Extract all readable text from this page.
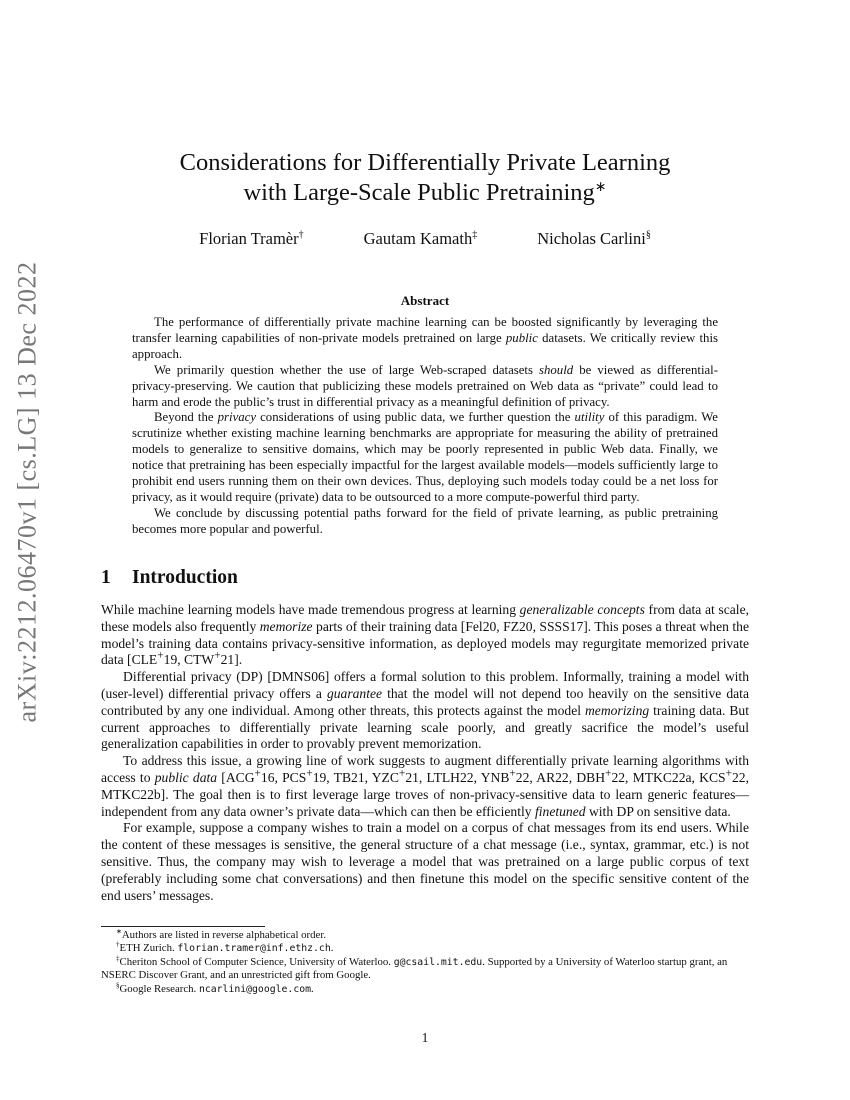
arXiv:2212.06470v1 [cs.LG] 13 Dec 2022
Considerations for Differentially Private Learning
with Large-Scale Public Pretraining∗
Florian Tramèr†	Gautam Kamath‡	Nicholas Carlini§
Abstract

The performance of differentially private machine learning can be boosted significantly by leveraging the transfer learning capabilities of non-private models pretrained on large public datasets. We critically review this approach.

We primarily question whether the use of large Web-scraped datasets should be viewed as differential-privacy-preserving. We caution that publicizing these models pretrained on Web data as “private” could lead to harm and erode the public’s trust in differential privacy as a meaningful definition of privacy.

Beyond the privacy considerations of using public data, we further question the utility of this paradigm. We scrutinize whether existing machine learning benchmarks are appropriate for measuring the ability of pretrained models to generalize to sensitive domains, which may be poorly represented in public Web data. Finally, we notice that pretraining has been especially impactful for the largest available models—models sufficiently large to prohibit end users running them on their own devices. Thus, deploying such models today could be a net loss for privacy, as it would require (private) data to be outsourced to a more compute-powerful third party.

We conclude by discussing potential paths forward for the field of private learning, as public pretraining becomes more popular and powerful.

1 Introduction

While machine learning models have made tremendous progress at learning generalizable concepts from data at scale, these models also frequently memorize parts of their training data [Fel20, FZ20, SSSS17]. This poses a threat when the model’s training data contains privacy-sensitive information, as deployed models may regurgitate memorized private data [CLE+19, CTW+21].

Differential privacy (DP) [DMNS06] offers a formal solution to this problem. Informally, training a model with (user-level) differential privacy offers a guarantee that the model will not depend too heavily on the sensitive data contributed by any one individual. Among other threats, this protects against the model memorizing training data. But current approaches to differentially private learning scale poorly, and greatly sacrifice the model’s useful generalization capabilities in order to provably prevent memorization.

To address this issue, a growing line of work suggests to augment differentially private learning algorithms with access to public data [ACG+16, PCS+19, TB21, YZC+21, LTLH22, YNB+22, AR22, DBH+22, MTKC22a, KCS+22, MTKC22b]. The goal then is to first leverage large troves of non-privacy-sensitive data to learn generic features—independent from any data owner’s private data—which can then be efficiently finetuned with DP on sensitive data.

For example, suppose a company wishes to train a model on a corpus of chat messages from its end users. While the content of these messages is sensitive, the general structure of a chat message (i.e., syntax, grammar, etc.) is not sensitive. Thus, the company may wish to leverage a model that was pretrained on a large public corpus of text (preferably including some chat conversations) and then finetune this model on the specific sensitive content of the end users’ messages.

∗Authors are listed in reverse alphabetical order.

†ETH Zurich. florian.tramer@inf.ethz.ch.

‡Cheriton School of Computer Science, University of Waterloo. g@csail.mit.edu. Supported by a University of Waterloo startup grant, an NSERC Discover Grant, and an unrestricted gift from Google.

§Google Research. ncarlini@google.com.

1
